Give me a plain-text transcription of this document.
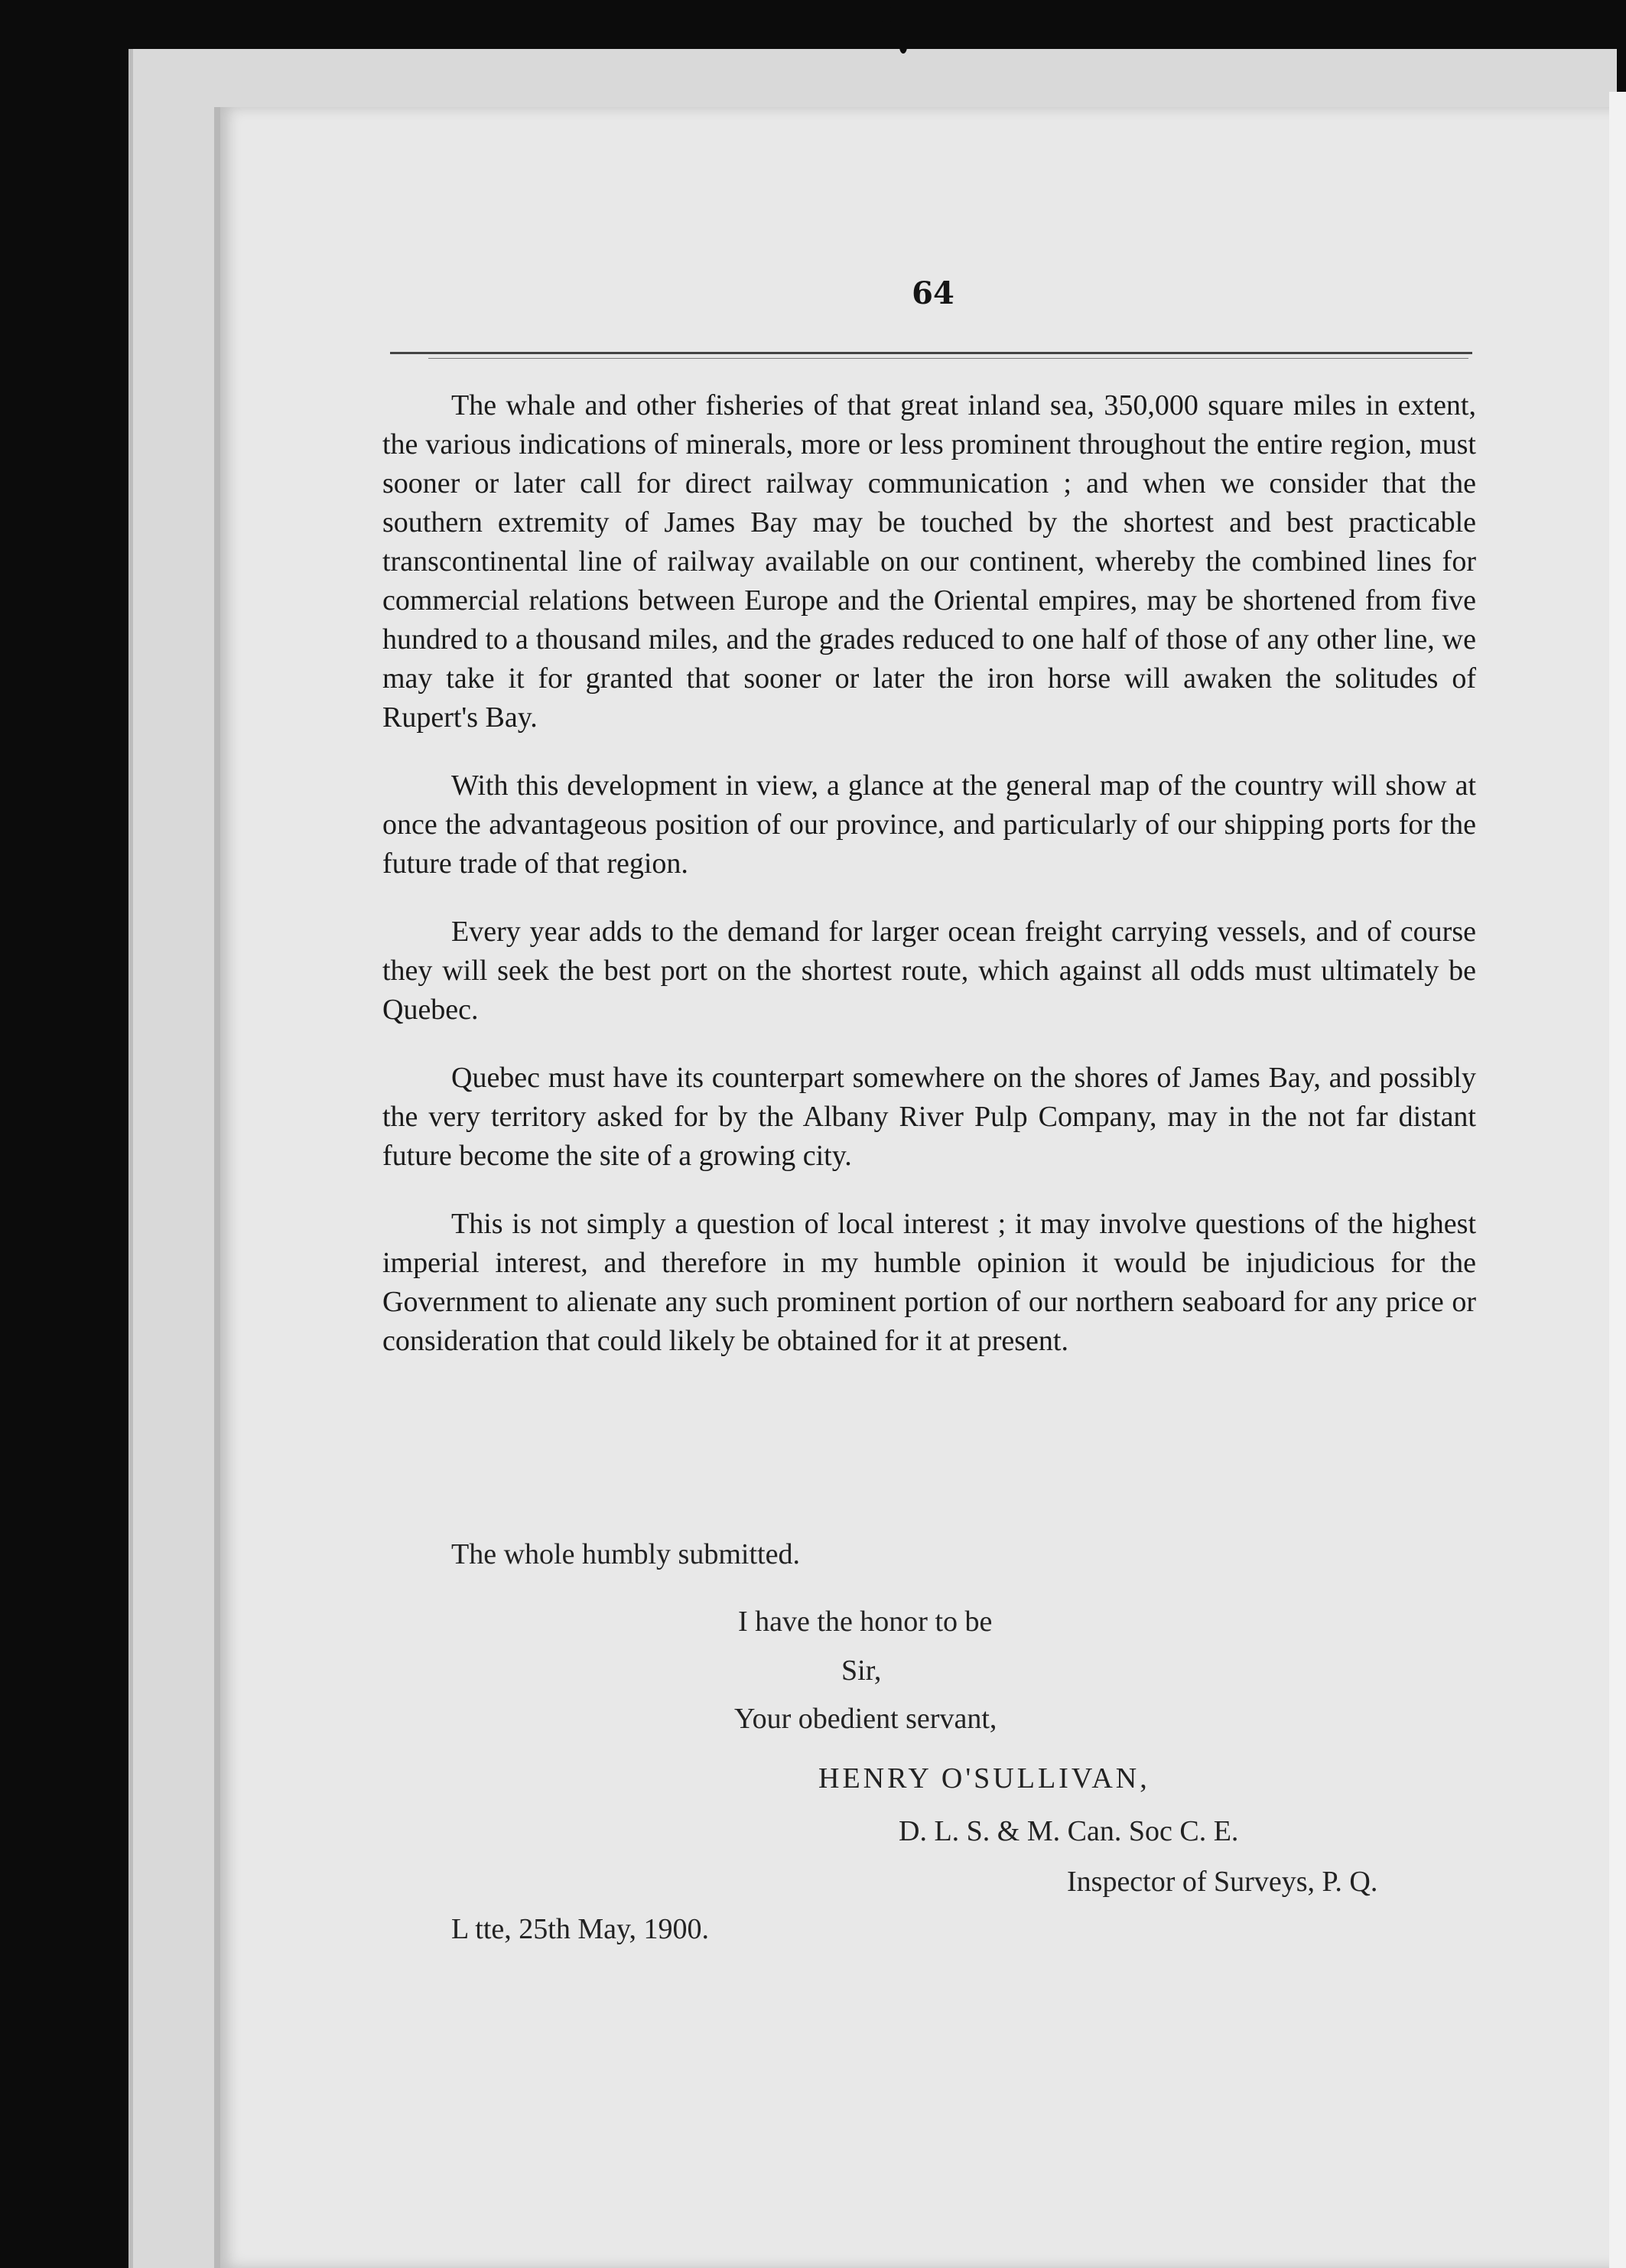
64

The whale and other fisheries of that great inland sea, 350,000 square miles in extent, the various indications of minerals, more or less prominent throughout the entire region, must sooner or later call for direct railway communication ; and when we consider that the southern extremity of James Bay may be touched by the shortest and best practicable transcontinental line of railway available on our continent, whereby the combined lines for commercial relations between Europe and the Oriental empires, may be shortened from five hundred to a thousand miles, and the grades reduced to one half of those of any other line, we may take it for granted that sooner or later the iron horse will awaken the solitudes of Rupert's Bay.

With this development in view, a glance at the general map of the country will show at once the advantageous position of our province, and particularly of our shipping ports for the future trade of that region.

Every year adds to the demand for larger ocean freight carrying vessels, and of course they will seek the best port on the shortest route, which against all odds must ultimately be Quebec.

Quebec must have its counterpart somewhere on the shores of James Bay, and possibly the very territory asked for by the Albany River Pulp Company, may in the not far distant future become the site of a growing city.

This is not simply a question of local interest ; it may involve questions of the highest imperial interest, and therefore in my humble opinion it would be injudicious for the Government to alienate any such prominent portion of our northern seaboard for any price or consideration that could likely be obtained for it at present.

The whole humbly submitted.
I have the honor to be
Sir,
Your obedient servant,
HENRY O'SULLIVAN,
D. L. S. & M. Can. Soc C. E.
Inspector of Surveys, P. Q.
L tte, 25th May, 1900.
